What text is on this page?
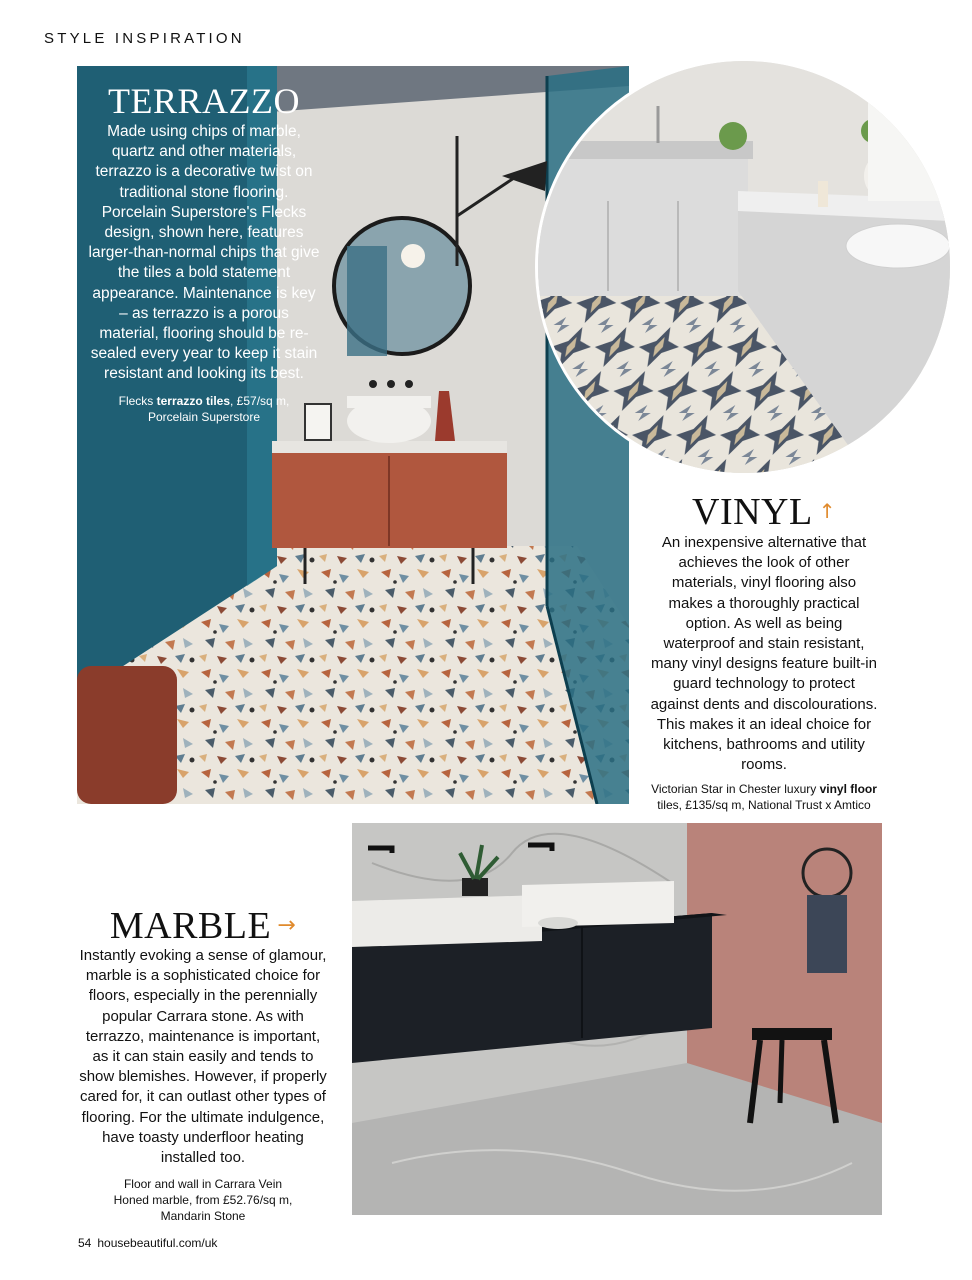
STYLE INSPIRATION
TERRAZZO
Made using chips of marble, quartz and other materials, terrazzo is a decorative twist on traditional stone flooring. Porcelain Superstore's Flecks design, shown here, features larger-than-normal chips that give the tiles a bold statement appearance. Maintenance is key – as terrazzo is a porous material, flooring should be re-sealed every year to keep it stain resistant and looking its best.
Flecks terrazzo tiles, £57/sq m,
Porcelain Superstore
VINYL ↑
An inexpensive alternative that achieves the look of other materials, vinyl flooring also makes a thoroughly practical option. As well as being waterproof and stain resistant, many vinyl designs feature built-in guard technology to protect against dents and discolourations. This makes it an ideal choice for kitchens, bathrooms and utility rooms.
Victorian Star in Chester luxury vinyl floor
tiles, £135/sq m, National Trust x Amtico
MARBLE →
Instantly evoking a sense of glamour, marble is a sophisticated choice for floors, especially in the perennially popular Carrara stone. As with terrazzo, maintenance is important, as it can stain easily and tends to show blemishes. However, if properly cared for, it can outlast other types of flooring. For the ultimate indulgence, have toasty underfloor heating installed too.
Floor and wall in Carrara Vein
Honed marble, from £52.76/sq m,
Mandarin Stone
54 housebeautiful.com/uk
